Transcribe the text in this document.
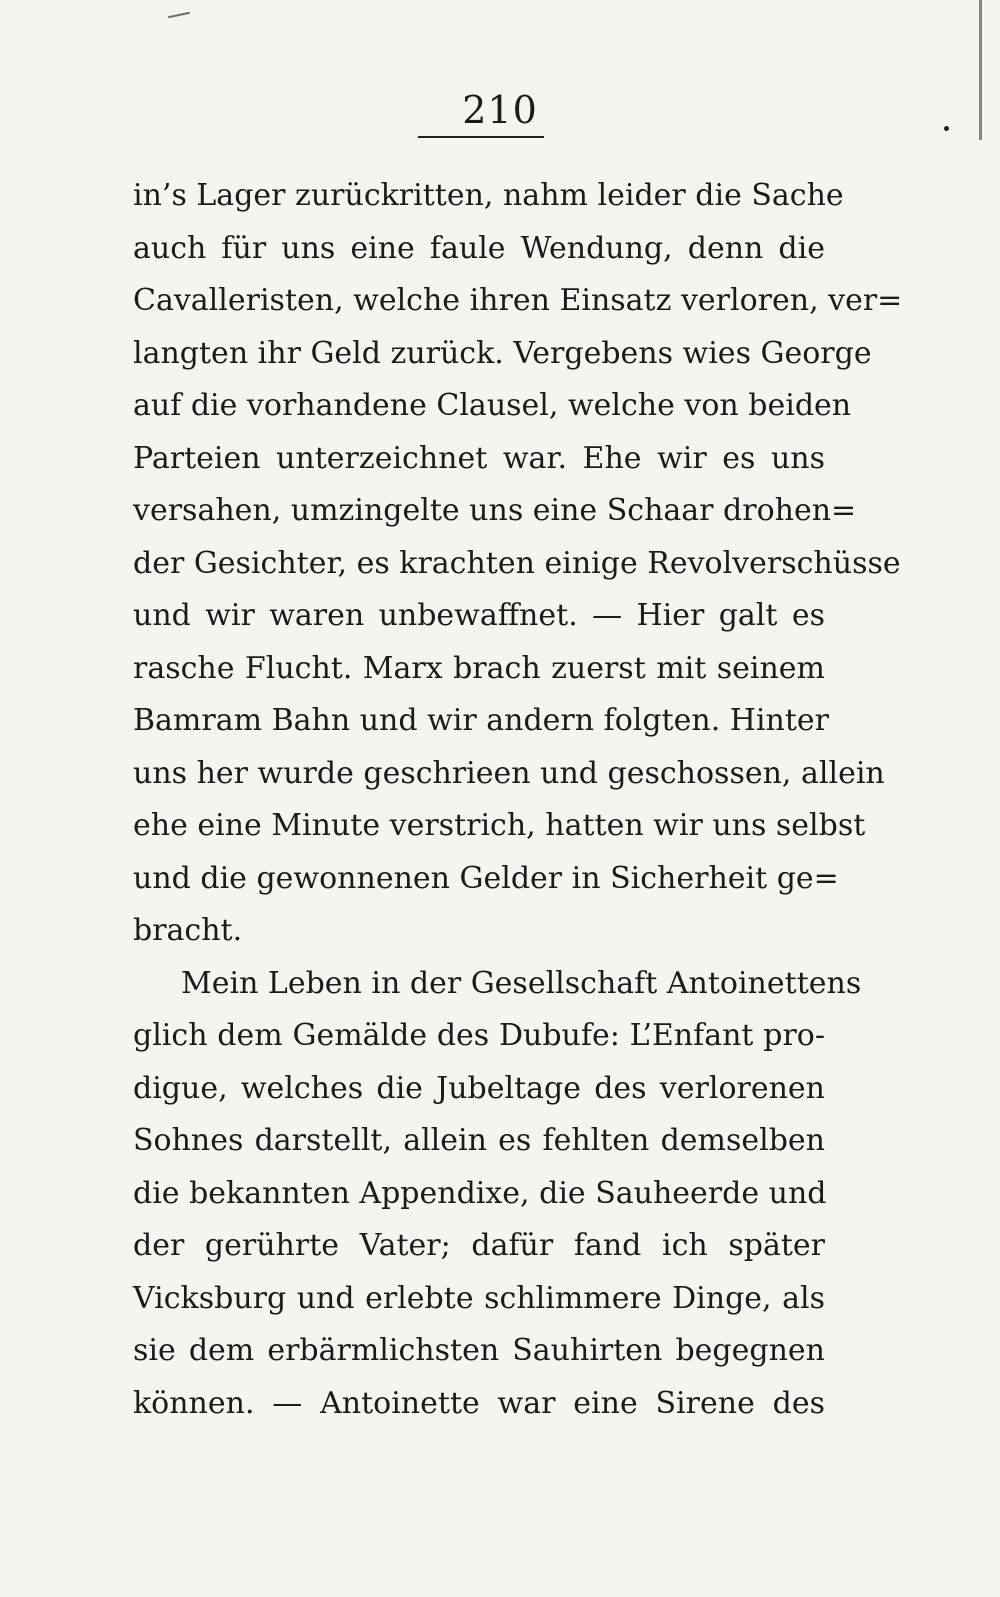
210
in’s Lager zurückritten, nahm leider die Sache
auch für uns eine faule Wendung, denn die
Cavalleristen, welche ihren Einsatz verloren, ver=
langten ihr Geld zurück. Vergebens wies George
auf die vorhandene Clausel, welche von beiden
Parteien unterzeichnet war. Ehe wir es uns
versahen, umzingelte uns eine Schaar drohen=
der Gesichter, es krachten einige Revolverschüsse
und wir waren unbewaffnet. — Hier galt es
rasche Flucht. Marx brach zuerst mit seinem
Bamram Bahn und wir andern folgten. Hinter
uns her wurde geschrieen und geschossen, allein
ehe eine Minute verstrich, hatten wir uns selbst
und die gewonnenen Gelder in Sicherheit ge=
bracht.
Mein Leben in der Gesellschaft Antoinettens
glich dem Gemälde des Dubufe: L’Enfant pro-
digue, welches die Jubeltage des verlorenen
Sohnes darstellt, allein es fehlten demselben
die bekannten Appendixe, die Sauheerde und
der gerührte Vater; dafür fand ich später
Vicksburg und erlebte schlimmere Dinge, als
sie dem erbärmlichsten Sauhirten begegnen
können. — Antoinette war eine Sirene des
